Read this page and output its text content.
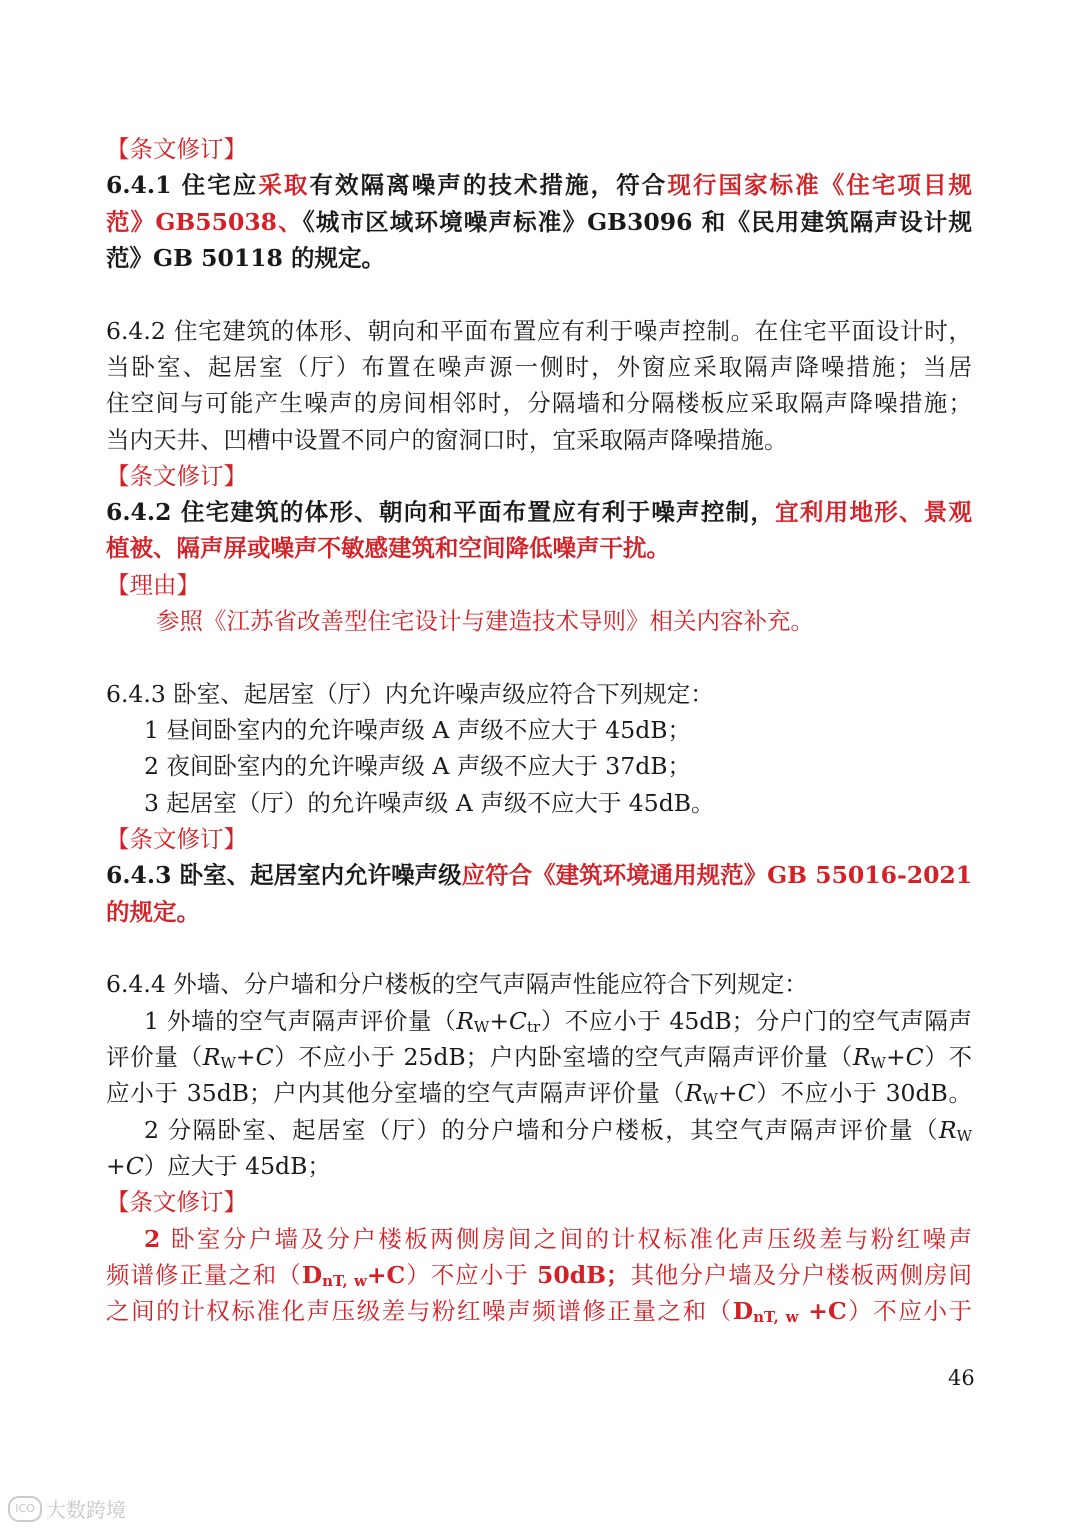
【条文修订】
6.4.1 住宅应采取有效隔离噪声的技术措施，符合现行国家标准《住宅项目规
范》GB55038、《城市区域环境噪声标准》GB3096 和《民用建筑隔声设计规
范》GB 50118 的规定。
6.4.2 住宅建筑的体形、朝向和平面布置应有利于噪声控制。在住宅平面设计时，
当卧室、起居室（厅）布置在噪声源一侧时，外窗应采取隔声降噪措施；当居
住空间与可能产生噪声的房间相邻时，分隔墙和分隔楼板应采取隔声降噪措施；
当内天井、凹槽中设置不同户的窗洞口时，宜采取隔声降噪措施。
【条文修订】
6.4.2 住宅建筑的体形、朝向和平面布置应有利于噪声控制，宜利用地形、景观
植被、隔声屏或噪声不敏感建筑和空间降低噪声干扰。
【理由】
参照《江苏省改善型住宅设计与建造技术导则》相关内容补充。
6.4.3 卧室、起居室（厅）内允许噪声级应符合下列规定：
1 昼间卧室内的允许噪声级 A 声级不应大于 45dB；
2 夜间卧室内的允许噪声级 A 声级不应大于 37dB；
3 起居室（厅）的允许噪声级 A 声级不应大于 45dB。
【条文修订】
6.4.3 卧室、起居室内允许噪声级应符合《建筑环境通用规范》GB 55016-2021
的规定。
6.4.4 外墙、分户墙和分户楼板的空气声隔声性能应符合下列规定：
1 外墙的空气声隔声评价量（RW+Ctr）不应小于 45dB；分户门的空气声隔声
评价量（RW+C）不应小于 25dB；户内卧室墙的空气声隔声评价量（RW+C）不
应小于 35dB；户内其他分室墙的空气声隔声评价量（RW+C）不应小于 30dB。
2 分隔卧室、起居室（厅）的分户墙和分户楼板，其空气声隔声评价量（RW
+C）应大于 45dB；
【条文修订】
2 卧室分户墙及分户楼板两侧房间之间的计权标准化声压级差与粉红噪声
频谱修正量之和（DnT, w+C）不应小于 50dB；其他分户墙及分户楼板两侧房间
之间的计权标准化声压级差与粉红噪声频谱修正量之和（DnT, w +C）不应小于
46
ICO 大数跨境
